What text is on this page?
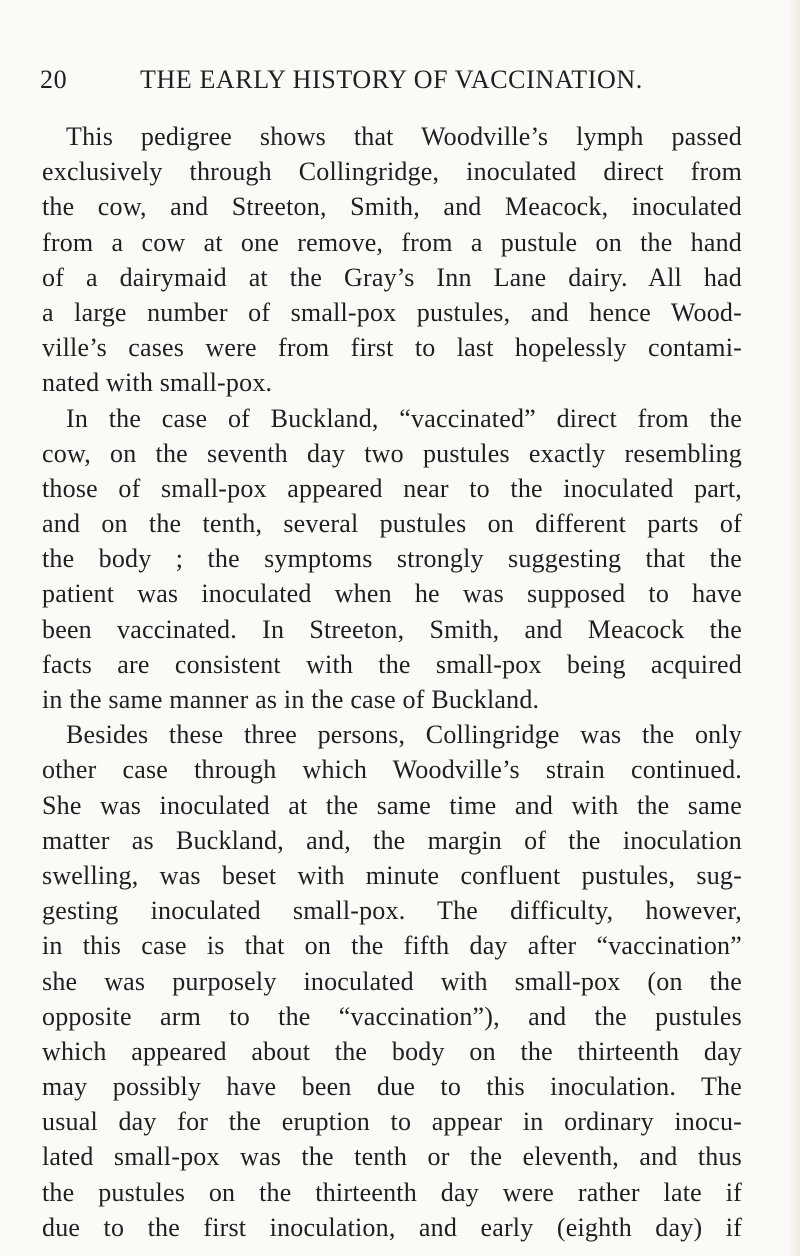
20	THE EARLY HISTORY OF VACCINATION.
This pedigree shows that Woodville’s lymph passed
exclusively through Collingridge, inoculated direct from
the cow, and Streeton, Smith, and Meacock, inoculated
from a cow at one remove, from a pustule on the hand
of a dairymaid at the Gray’s Inn Lane dairy. All had
a large number of small-pox pustules, and hence Wood-
ville’s cases were from first to last hopelessly contami-
nated with small-pox.
In the case of Buckland, “vaccinated” direct from the
cow, on the seventh day two pustules exactly resembling
those of small-pox appeared near to the inoculated part,
and on the tenth, several pustules on different parts of
the body ; the symptoms strongly suggesting that the
patient was inoculated when he was supposed to have
been vaccinated. In Streeton, Smith, and Meacock the
facts are consistent with the small-pox being acquired
in the same manner as in the case of Buckland.
Besides these three persons, Collingridge was the only
other case through which Woodville’s strain continued.
She was inoculated at the same time and with the same
matter as Buckland, and, the margin of the inoculation
swelling, was beset with minute confluent pustules, sug-
gesting inoculated small-pox. The difficulty, however,
in this case is that on the fifth day after “vaccination”
she was purposely inoculated with small-pox (on the
opposite arm to the “vaccination”), and the pustules
which appeared about the body on the thirteenth day
may possibly have been due to this inoculation. The
usual day for the eruption to appear in ordinary inocu-
lated small-pox was the tenth or the eleventh, and thus
the pustules on the thirteenth day were rather late if
due to the first inoculation, and early (eighth day) if
